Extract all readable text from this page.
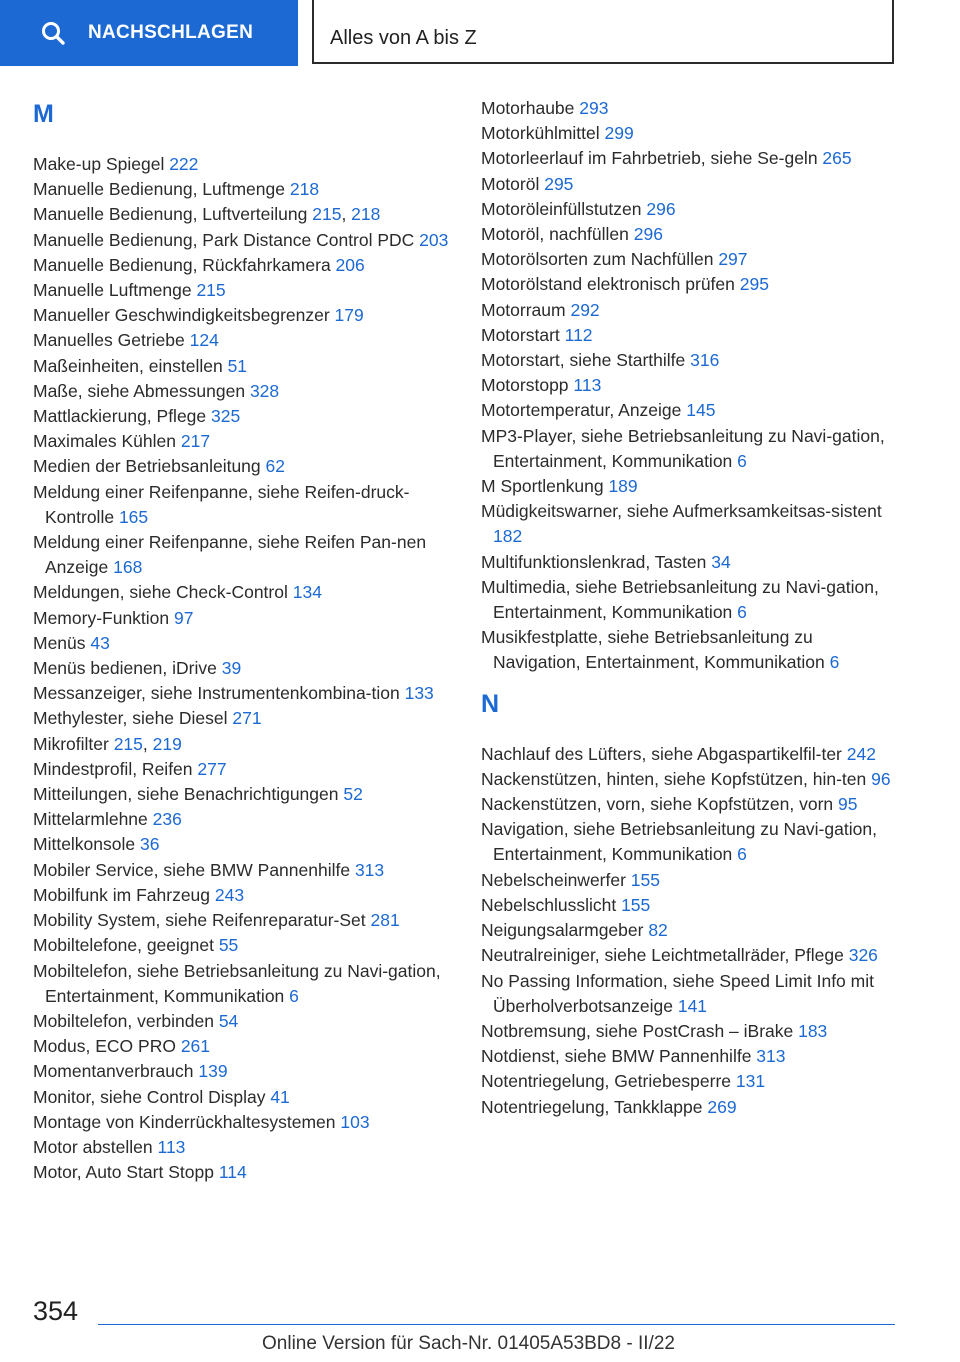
NACHSCHLAGEN	Alles von A bis Z
M
Make-up Spiegel 222
Manuelle Bedienung, Luftmenge 218
Manuelle Bedienung, Luftverteilung 215, 218
Manuelle Bedienung, Park Distance Control PDC 203
Manuelle Bedienung, Rückfahrkamera 206
Manuelle Luftmenge 215
Manueller Geschwindigkeitsbegrenzer 179
Manuelles Getriebe 124
Maßeinheiten, einstellen 51
Maße, siehe Abmessungen 328
Mattlackierung, Pflege 325
Maximales Kühlen 217
Medien der Betriebsanleitung 62
Meldung einer Reifenpanne, siehe Reifen-druck-Kontrolle 165
Meldung einer Reifenpanne, siehe Reifen Pan-nen Anzeige 168
Meldungen, siehe Check-Control 134
Memory-Funktion 97
Menüs 43
Menüs bedienen, iDrive 39
Messanzeiger, siehe Instrumentenkombina-tion 133
Methylester, siehe Diesel 271
Mikrofilter 215, 219
Mindestprofil, Reifen 277
Mitteilungen, siehe Benachrichtigungen 52
Mittelarmlehne 236
Mittelkonsole 36
Mobiler Service, siehe BMW Pannenhilfe 313
Mobilfunk im Fahrzeug 243
Mobility System, siehe Reifenreparatur-Set 281
Mobiltelefone, geeignet 55
Mobiltelefon, siehe Betriebsanleitung zu Navi-gation, Entertainment, Kommunikation 6
Mobiltelefon, verbinden 54
Modus, ECO PRO 261
Momentanverbrauch 139
Monitor, siehe Control Display 41
Montage von Kinderrückhaltesystemen 103
Motor abstellen 113
Motor, Auto Start Stopp 114
Motorhaube 293
Motorkühlmittel 299
Motorleerlauf im Fahrbetrieb, siehe Se-geln 265
Motoröl 295
Motoröleinfüllstutzen 296
Motoröl, nachfüllen 296
Motorölsorten zum Nachfüllen 297
Motorölstand elektronisch prüfen 295
Motorraum 292
Motorstart 112
Motorstart, siehe Starthilfe 316
Motorstopp 113
Motortemperatur, Anzeige 145
MP3-Player, siehe Betriebsanleitung zu Navi-gation, Entertainment, Kommunikation 6
M Sportlenkung 189
Müdigkeitswarner, siehe Aufmerksamkeitsas-sistent 182
Multifunktionslenkrad, Tasten 34
Multimedia, siehe Betriebsanleitung zu Navi-gation, Entertainment, Kommunikation 6
Musikfestplatte, siehe Betriebsanleitung zu Navigation, Entertainment, Kommunikation 6
N
Nachlauf des Lüfters, siehe Abgaspartikelfil-ter 242
Nackenstützen, hinten, siehe Kopfstützen, hin-ten 96
Nackenstützen, vorn, siehe Kopfstützen, vorn 95
Navigation, siehe Betriebsanleitung zu Navi-gation, Entertainment, Kommunikation 6
Nebelscheinwerfer 155
Nebelschlusslicht 155
Neigungsalarmgeber 82
Neutralreiniger, siehe Leichtmetallräder, Pflege 326
No Passing Information, siehe Speed Limit Info mit Überholverbotsanzeige 141
Notbremsung, siehe PostCrash – iBrake 183
Notdienst, siehe BMW Pannenhilfe 313
Notentriegelung, Getriebesperre 131
Notentriegelung, Tankklappe 269
354
Online Version für Sach-Nr. 01405A53BD8 - II/22
